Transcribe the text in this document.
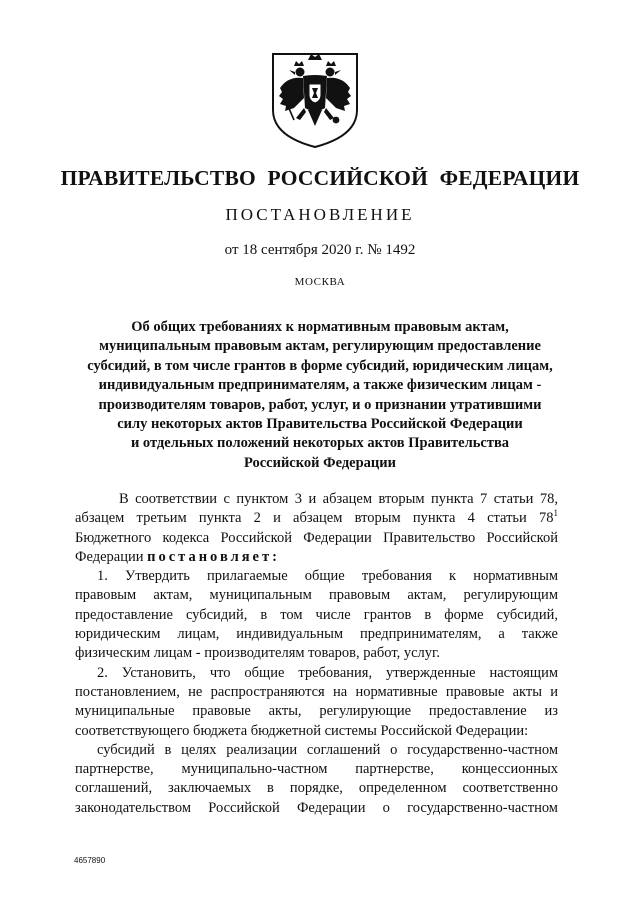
ПРАВИТЕЛЬСТВО РОССИЙСКОЙ ФЕДЕРАЦИИ
ПОСТАНОВЛЕНИЕ
от 18 сентября 2020 г. № 1492
МОСКВА
Об общих требованиях к нормативным правовым актам,
муниципальным правовым актам, регулирующим предоставление
субсидий, в том числе грантов в форме субсидий, юридическим лицам,
индивидуальным предпринимателям, а также физическим лицам -
производителям товаров, работ, услуг, и о признании утратившими
силу некоторых актов Правительства Российской Федерации
и отдельных положений некоторых актов Правительства
Российской Федерации
В соответствии с пунктом 3 и абзацем вторым пункта 7 статьи 78,
абзацем третьим пункта 2 и абзацем вторым пункта 4 статьи $78^1$
Бюджетного кодекса Российской Федерации Правительство Российской
Федерации постановляет:
1. Утвердить прилагаемые общие требования к нормативным
правовым актам, муниципальным правовым актам, регулирующим
предоставление субсидий, в том числе грантов в форме субсидий,
юридическим лицам, индивидуальным предпринимателям, а также
физическим лицам - производителям товаров, работ, услуг.
2. Установить, что общие требования, утвержденные настоящим
постановлением, не распространяются на нормативные правовые акты и
муниципальные правовые акты, регулирующие предоставление из
соответствующего бюджета бюджетной системы Российской Федерации:
субсидий в целях реализации соглашений о государственно-частном
партнерстве, муниципально-частном партнерстве, концессионных
соглашений, заключаемых в порядке, определенном соответственно
законодательством Российской Федерации о государственно-частном
4657890
